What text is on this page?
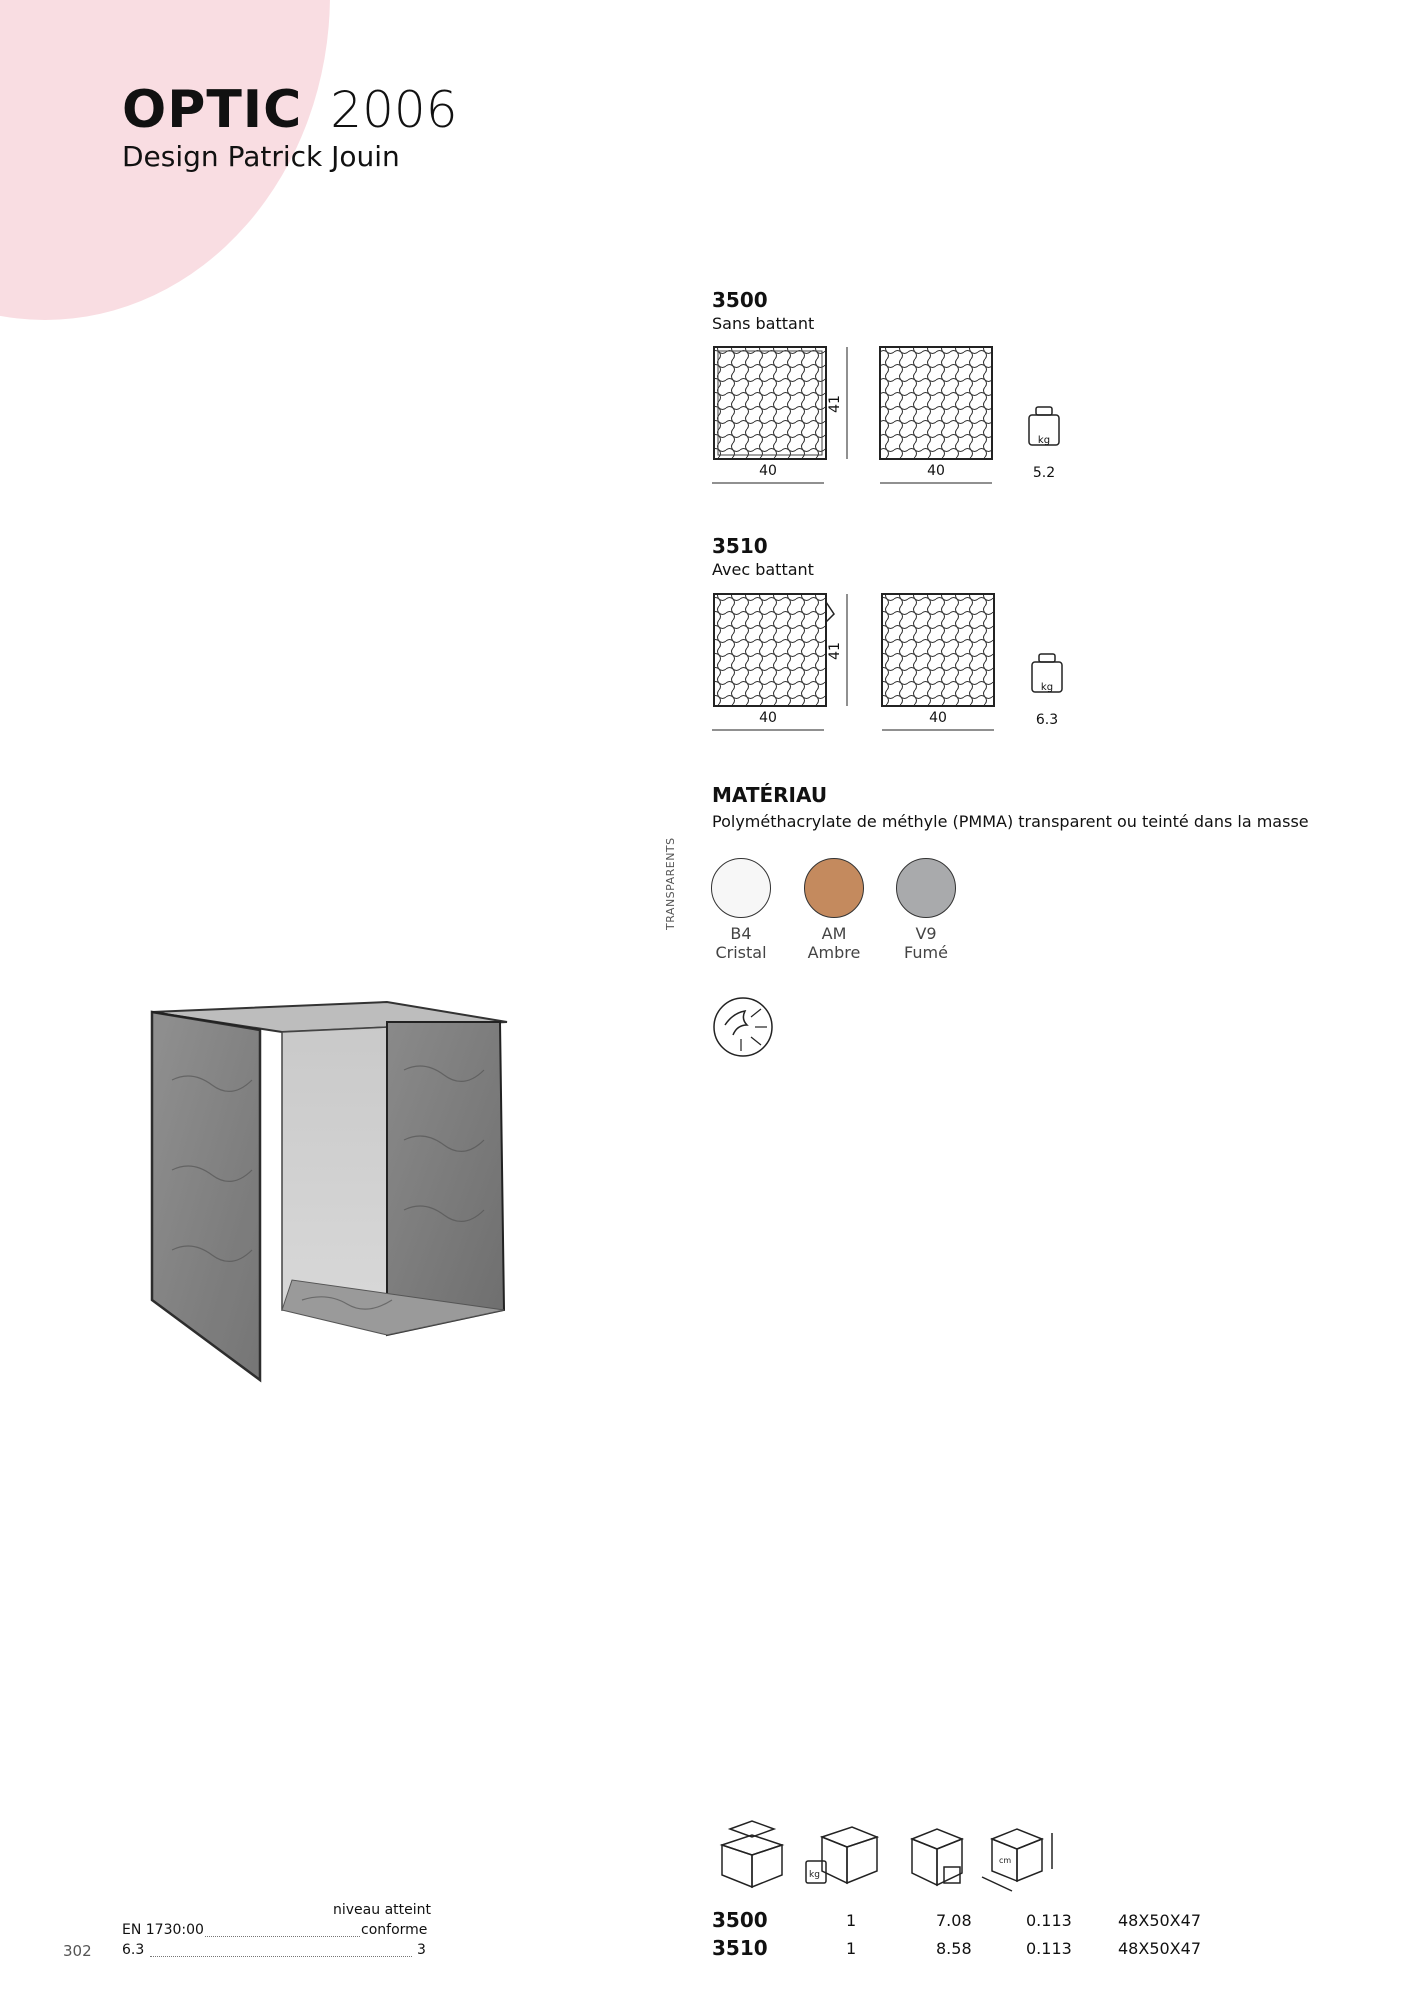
OPTIC 2006
Design Patrick Jouin
3500
Sans battant
40
41
40
kg
5.2
3510
Avec battant
40
41
40
kg
6.3
MATÉRIAU
Polyméthacrylate de méthyle (PMMA) transparent ou teinté dans la masse
TRANSPARENTS
B4
Cristal
AM
Ambre
V9
Fumé
kg
cm
3500	1	7.08	0.113	48X50X47
3510	1	8.58	0.113	48X50X47
niveau atteint
EN 1730:00	conforme
6.3	3
302
